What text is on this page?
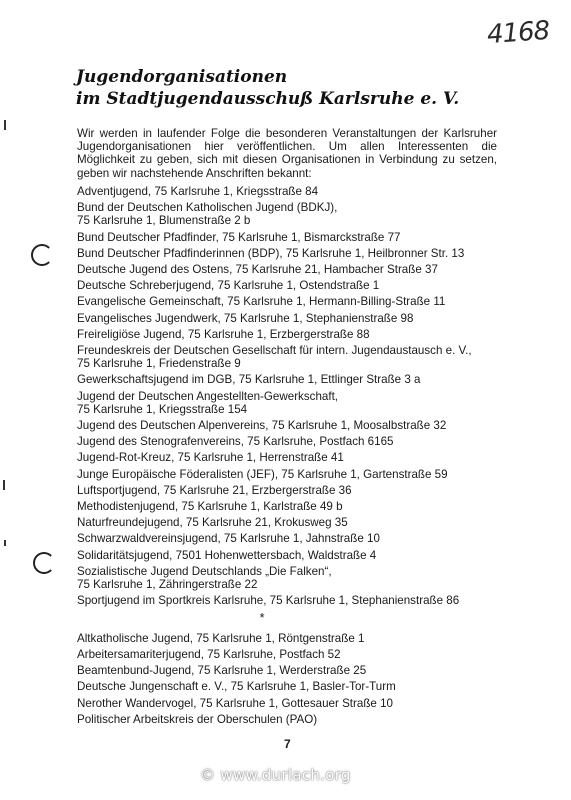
4168
Jugendorganisationen
im Stadtjugendausschuß Karlsruhe e. V.
Wir werden in laufender Folge die besonderen Veranstaltungen der Karlsruher Jugendorganisationen hier veröffentlichen. Um allen Interessenten die Möglichkeit zu geben, sich mit diesen Organisationen in Verbindung zu setzen, geben wir nachstehende Anschriften bekannt:
Adventjugend, 75 Karlsruhe 1, Kriegsstraße 84
Bund der Deutschen Katholischen Jugend (BDKJ),
75 Karlsruhe 1, Blumenstraße 2 b
Bund Deutscher Pfadfinder, 75 Karlsruhe 1, Bismarckstraße 77
Bund Deutscher Pfadfinderinnen (BDP), 75 Karlsruhe 1, Heilbronner Str. 13
Deutsche Jugend des Ostens, 75 Karlsruhe 21, Hambacher Straße 37
Deutsche Schreberjugend, 75 Karlsruhe 1, Ostendstraße 1
Evangelische Gemeinschaft, 75 Karlsruhe 1, Hermann-Billing-Straße 11
Evangelisches Jugendwerk, 75 Karlsruhe 1, Stephanienstraße 98
Freireligiöse Jugend, 75 Karlsruhe 1, Erzbergerstraße 88
Freundeskreis der Deutschen Gesellschaft für intern. Jugendaustausch e. V.,
75 Karlsruhe 1, Friedenstraße 9
Gewerkschaftsjugend im DGB, 75 Karlsruhe 1, Ettlinger Straße 3 a
Jugend der Deutschen Angestellten-Gewerkschaft,
75 Karlsruhe 1, Kriegsstraße 154
Jugend des Deutschen Alpenvereins, 75 Karlsruhe 1, Moosalbstraße 32
Jugend des Stenografenvereins, 75 Karlsruhe, Postfach 6165
Jugend-Rot-Kreuz, 75 Karlsruhe 1, Herrenstraße 41
Junge Europäische Föderalisten (JEF), 75 Karlsruhe 1, Gartenstraße 59
Luftsportjugend, 75 Karlsruhe 21, Erzbergerstraße 36
Methodistenjugend, 75 Karlsruhe 1, Karlstraße 49 b
Naturfreundejugend, 75 Karlsruhe 21, Krokusweg 35
Schwarzwaldvereinsjugend, 75 Karlsruhe 1, Jahnstraße 10
Solidaritätsjugend, 7501 Hohenwettersbach, Waldstraße 4
Sozialistische Jugend Deutschlands „Die Falken“,
75 Karlsruhe 1, Zähringerstraße 22
Sportjugend im Sportkreis Karlsruhe, 75 Karlsruhe 1, Stephanienstraße 86
*
Altkatholische Jugend, 75 Karlsruhe 1, Röntgenstraße 1
Arbeitersamariterjugend, 75 Karlsruhe, Postfach 52
Beamtenbund-Jugend, 75 Karlsruhe 1, Werderstraße 25
Deutsche Jungenschaft e. V., 75 Karlsruhe 1, Basler-Tor-Turm
Nerother Wandervogel, 75 Karlsruhe 1, Gottesauer Straße 10
Politischer Arbeitskreis der Oberschulen (PAO)
7
© www.durlach.org
